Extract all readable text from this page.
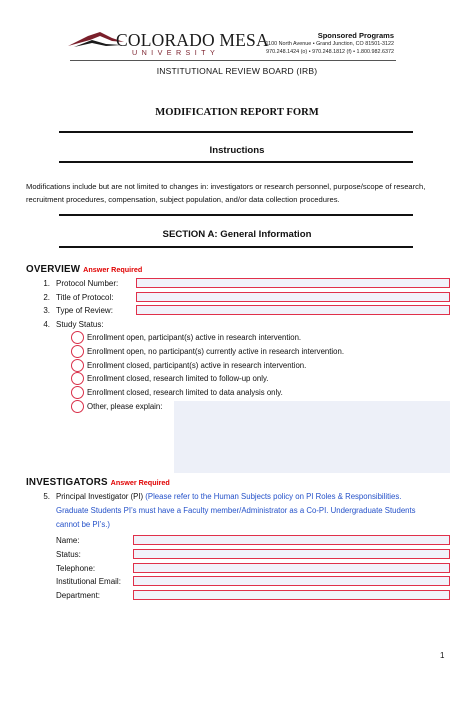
COLORADO MESA
UNIVERSITY
Sponsored Programs
1100 North Avenue • Grand Junction, CO 81501-3122
970.248.1424 (o) • 970.248.1812 (f) • 1.800.982.6372
INSTITUTIONAL REVIEW BOARD (IRB)
MODIFICATION REPORT FORM
Instructions
Modifications include but are not limited to changes in: investigators or research personnel, purpose/scope of research, recruitment procedures, compensation, subject population, and/or data collection procedures.
SECTION A: General Information
OVERVIEW Answer Required
1. Protocol Number:
2. Title of Protocol:
3. Type of Review:
4. Study Status:
Enrollment open, participant(s) active in research intervention.
Enrollment open, no participant(s) currently active in research intervention.
Enrollment closed, participant(s) active in research intervention.
Enrollment closed, research limited to follow-up only.
Enrollment closed, research limited to data analysis only.
Other, please explain:
INVESTIGATORS Answer Required
5. Principal Investigator (PI) (Please refer to the Human Subjects policy on PI Roles & Responsibilities.
Graduate Students PI’s must have a Faculty member/Administrator as a Co-PI. Undergraduate Students
cannot be PI’s.)
Name:
Status:
Telephone:
Institutional Email:
Department:
1
